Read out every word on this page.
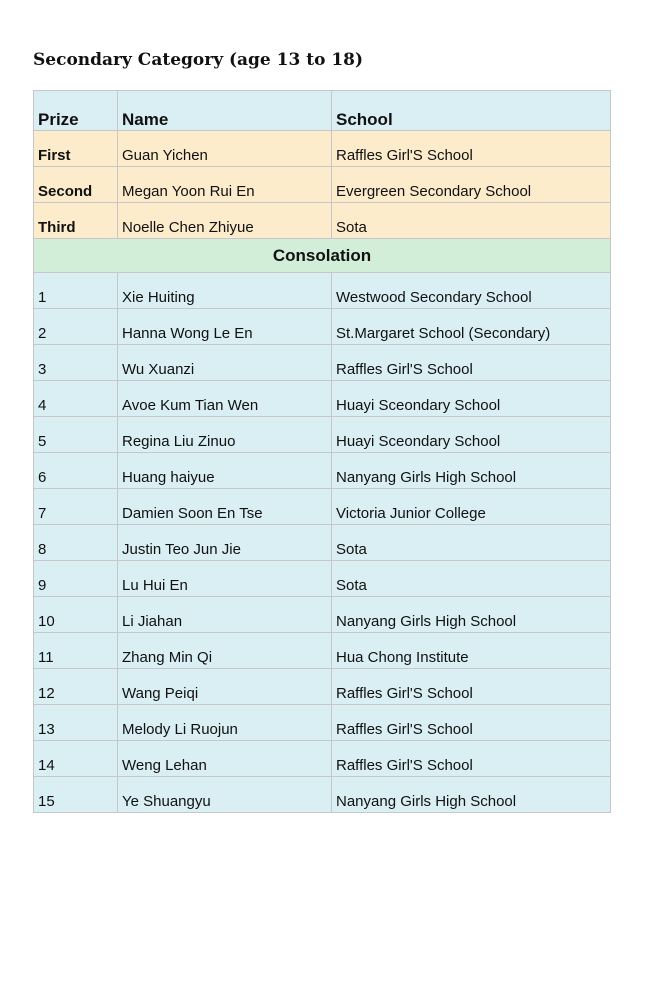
Secondary Category (age 13 to 18)
Prize	Name	School
First	Guan Yichen	Raffles Girl'S School
Second	Megan Yoon Rui En	Evergreen Secondary School
Third	Noelle Chen Zhiyue	Sota
Consolation		
1	Xie Huiting	Westwood Secondary School
2	Hanna Wong Le En	St.Margaret School (Secondary)
3	Wu Xuanzi	Raffles Girl'S School
4	Avoe Kum Tian Wen	Huayi Sceondary School
5	Regina Liu Zinuo	Huayi Sceondary School
6	Huang haiyue	Nanyang Girls High School
7	Damien Soon En Tse	Victoria Junior College
8	Justin Teo Jun Jie	Sota
9	Lu Hui En	Sota
10	Li Jiahan	Nanyang Girls High School
11	Zhang Min Qi	Hua Chong Institute
12	Wang Peiqi	Raffles Girl'S School
13	Melody Li Ruojun	Raffles Girl'S School
14	Weng Lehan	Raffles Girl'S School
15	Ye Shuangyu	Nanyang Girls High School
